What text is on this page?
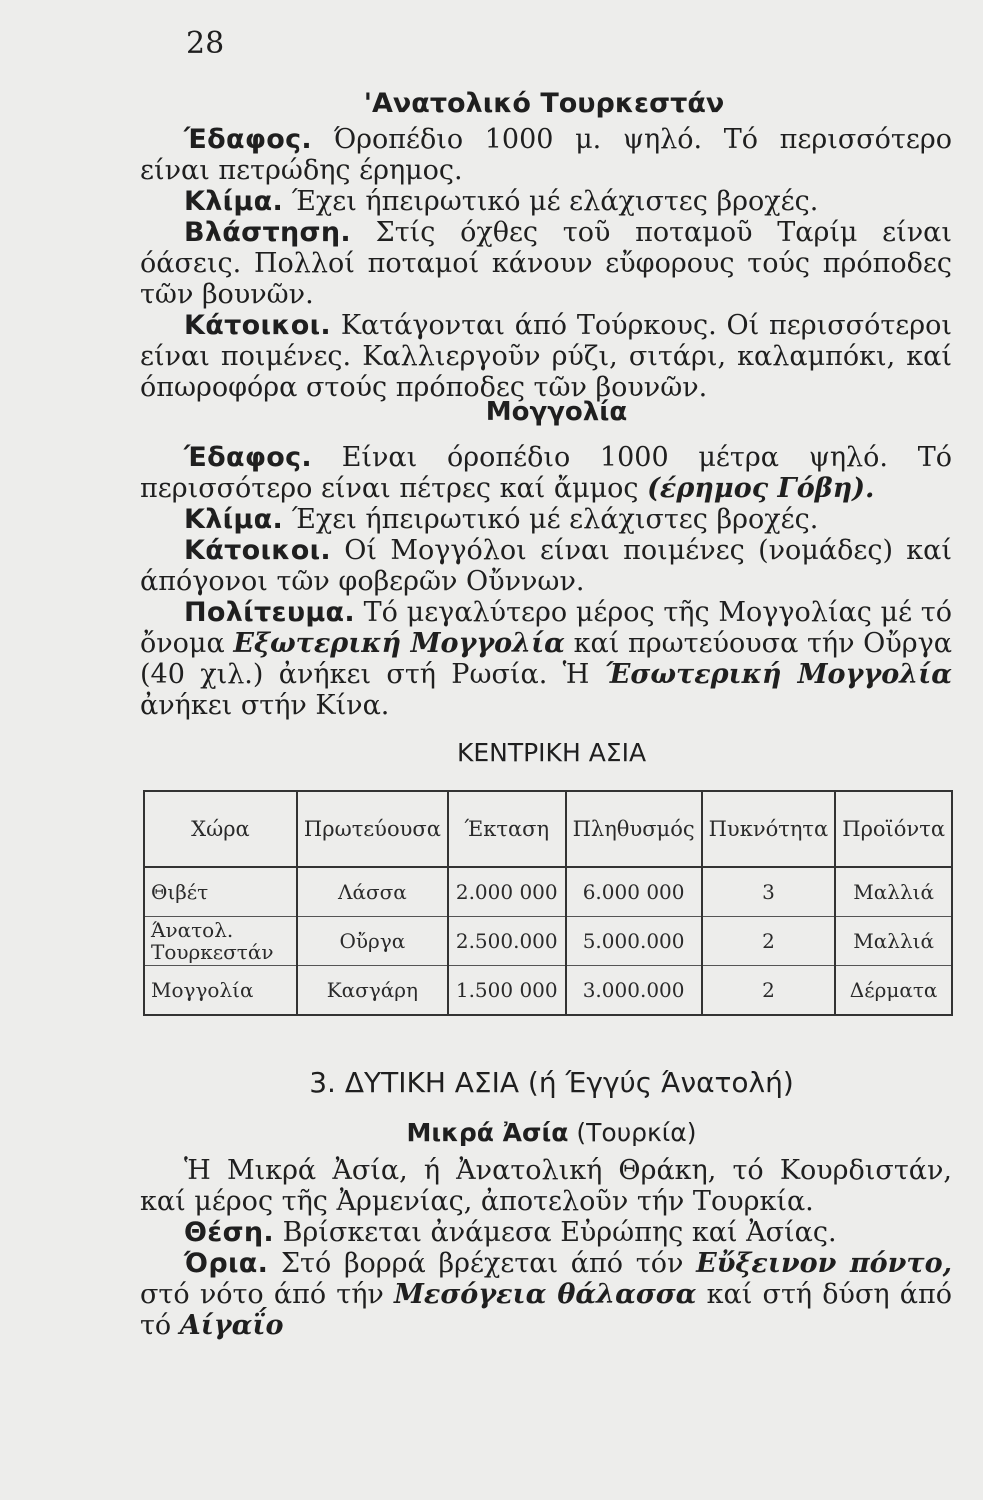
28
'Ανατολικό Τουρκεστάν

Έδαφος. Όροπέδιο 1000 μ. ψηλό. Τό περισσότερο είναι πετρώδης έρημος.

Κλίμα. Έχει ήπειρωτικό μέ ελάχιστες βροχές.

Βλάστηση. Στίς όχθες τοῦ ποταμοῦ Ταρίμ είναι όάσεις. Πολλοί ποταμοί κάνουν εὔφορους τούς πρόποδες τῶν βουνῶν.

Κάτοικοι. Κατάγονται άπό Τούρκους. Οί περισσότεροι είναι ποιμένες. Καλλιεργοῦν ρύζι, σιτάρι, καλαμπόκι, καί όπωροφόρα στούς πρόποδες τῶν βουνῶν.

Μογγολία

Έδαφος. Είναι όροπέδιο 1000 μέτρα ψηλό. Τό περισσότερο είναι πέτρες καί ἄμμος (έρημος Γόβη).

Κλίμα. Έχει ήπειρωτικό μέ ελάχιστες βροχές.

Κάτοικοι. Οί Μογγόλοι είναι ποιμένες (νομάδες) καί άπόγονοι τῶν φοβερῶν Οὔννων.

Πολίτευμα. Τό μεγαλύτερο μέρος τῆς Μογγολίας μέ τό ὄνομα Εξωτερική Μογγολία καί πρωτεύουσα τήν Οὔργα (40 χιλ.) ἀνήκει στή Ρωσία. Ἡ Έσωτερική Μογγολία ἀνήκει στήν Κίνα.

ΚΕΝΤΡΙΚΗ ΑΣΙΑ
Χώρα	Πρωτεύουσα	Έκταση	Πληθυσμός	Πυκνότητα	Προϊόντα
Θιβέτ	Λάσσα	2.000 000	6.000 000	3	Μαλλιά
Άνατολ. Τουρκεστάν	Οὔργα	2.500.000	5.000.000	2	Μαλλιά
Μογγολία	Κασγάρη	1.500 000	3.000.000	2	Δέρματα
3. ΔΥΤΙΚΗ ΑΣΙΑ (ή Έγγύς Άνατολή)
Μικρά Ἀσία (Τουρκία)

Ἡ Μικρά Ἀσία, ή Ἀνατολική Θράκη, τό Κουρδιστάν, καί μέρος τῆς Ἀρμενίας, ἀποτελοῦν τήν Τουρκία.

Θέση. Βρίσκεται ἀνάμεσα Εὐρώπης καί Ἀσίας.

Όρια. Στό βορρά βρέχεται άπό τόν Εὔξεινον πόντο, στό νότο άπό τήν Μεσόγεια θάλασσα καί στή δύση άπό τό Αίγαΐο
